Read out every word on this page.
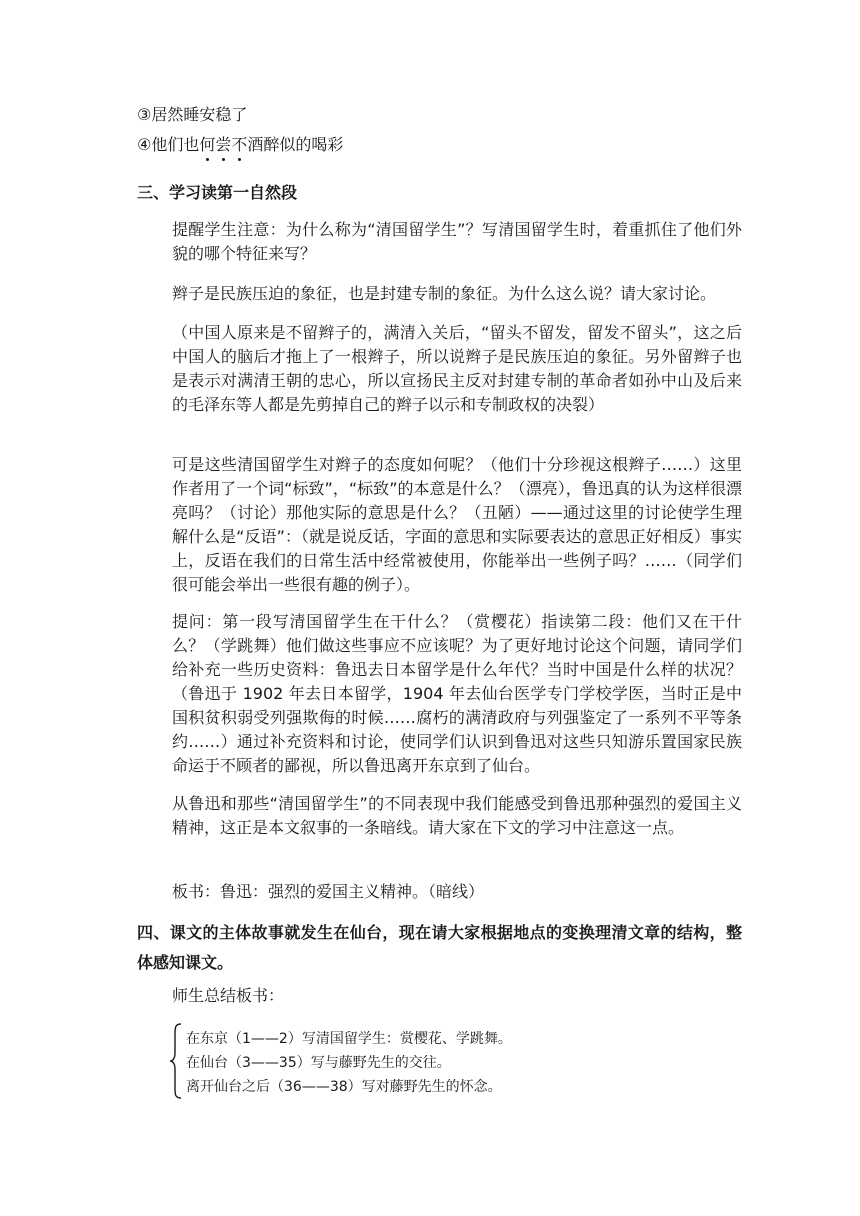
③居然睡安稳了
④他们也何尝不酒醉似的喝彩
三、学习读第一自然段
提醒学生注意：为什么称为“清国留学生”？写清国留学生时，着重抓住了他们外貌的哪个特征来写？
辫子是民族压迫的象征，也是封建专制的象征。为什么这么说？请大家讨论。
（中国人原来是不留辫子的，满清入关后，“留头不留发，留发不留头”，这之后中国人的脑后才拖上了一根辫子，所以说辫子是民族压迫的象征。另外留辫子也是表示对满清王朝的忠心，所以宣扬民主反对封建专制的革命者如孙中山及后来的毛泽东等人都是先剪掉自己的辫子以示和专制政权的决裂）
可是这些清国留学生对辫子的态度如何呢？（他们十分珍视这根辫子……）这里作者用了一个词“标致”，“标致”的本意是什么？（漂亮），鲁迅真的认为这样很漂亮吗？（讨论）那他实际的意思是什么？（丑陋）——通过这里的讨论使学生理解什么是“反语”：（就是说反话，字面的意思和实际要表达的意思正好相反）事实上，反语在我们的日常生活中经常被使用，你能举出一些例子吗？……（同学们很可能会举出一些很有趣的例子）。
提问：第一段写清国留学生在干什么？（赏樱花）指读第二段：他们又在干什么？（学跳舞）他们做这些事应不应该呢？为了更好地讨论这个问题，请同学们给补充一些历史资料：鲁迅去日本留学是什么年代？当时中国是什么样的状况？（鲁迅于 1902 年去日本留学，1904 年去仙台医学专门学校学医，当时正是中国积贫积弱受列强欺侮的时候……腐朽的满清政府与列强鉴定了一系列不平等条约……）通过补充资料和讨论，使同学们认识到鲁迅对这些只知游乐置国家民族命运于不顾者的鄙视，所以鲁迅离开东京到了仙台。
从鲁迅和那些“清国留学生”的不同表现中我们能感受到鲁迅那种强烈的爱国主义精神，这正是本文叙事的一条暗线。请大家在下文的学习中注意这一点。
板书：鲁迅：强烈的爱国主义精神。（暗线）
四、课文的主体故事就发生在仙台，现在请大家根据地点的变换理清文章的结构，整体感知课文。
师生总结板书：
在东京（1——2）写清国留学生：赏樱花、学跳舞。
在仙台（3——35）写与藤野先生的交往。
离开仙台之后（36——38）写对藤野先生的怀念。
